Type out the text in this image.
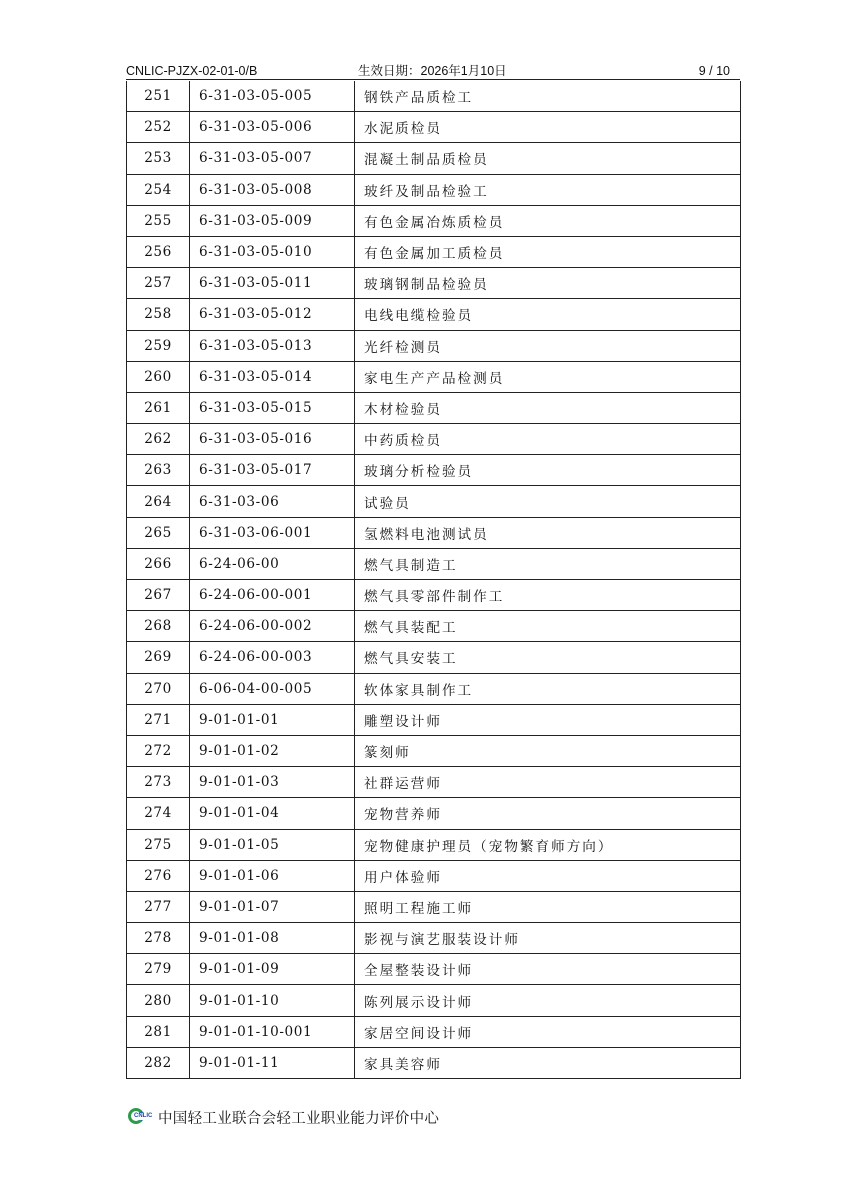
CNLIC-PJZX-02-01-0/B	生效日期：2026年1月10日	9 / 10
251	6-31-03-05-005	钢铁产品质检工
252	6-31-03-05-006	水泥质检员
253	6-31-03-05-007	混凝土制品质检员
254	6-31-03-05-008	玻纤及制品检验工
255	6-31-03-05-009	有色金属冶炼质检员
256	6-31-03-05-010	有色金属加工质检员
257	6-31-03-05-011	玻璃钢制品检验员
258	6-31-03-05-012	电线电缆检验员
259	6-31-03-05-013	光纤检测员
260	6-31-03-05-014	家电生产产品检测员
261	6-31-03-05-015	木材检验员
262	6-31-03-05-016	中药质检员
263	6-31-03-05-017	玻璃分析检验员
264	6-31-03-06	试验员
265	6-31-03-06-001	氢燃料电池测试员
266	6-24-06-00	燃气具制造工
267	6-24-06-00-001	燃气具零部件制作工
268	6-24-06-00-002	燃气具装配工
269	6-24-06-00-003	燃气具安装工
270	6-06-04-00-005	软体家具制作工
271	9-01-01-01	雕塑设计师
272	9-01-01-02	篆刻师
273	9-01-01-03	社群运营师
274	9-01-01-04	宠物营养师
275	9-01-01-05	宠物健康护理员（宠物繁育师方向）
276	9-01-01-06	用户体验师
277	9-01-01-07	照明工程施工师
278	9-01-01-08	影视与演艺服装设计师
279	9-01-01-09	全屋整装设计师
280	9-01-01-10	陈列展示设计师
281	9-01-01-10-001	家居空间设计师
282	9-01-01-11	家具美容师
CNLIC 中国轻工业联合会轻工业职业能力评价中心
